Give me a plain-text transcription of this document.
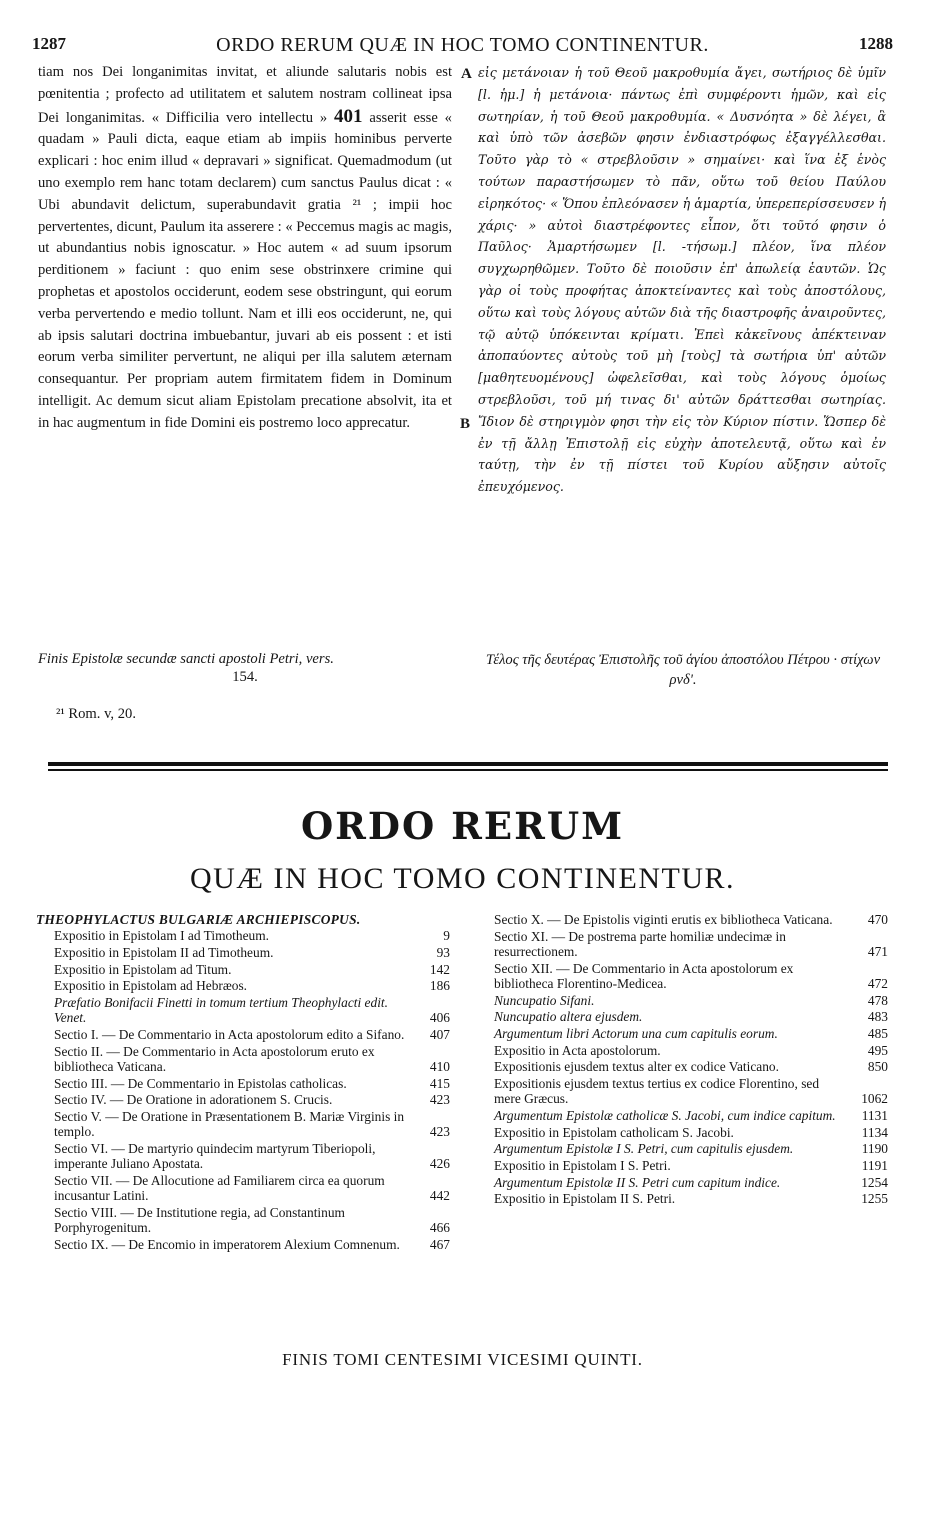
1287	ORDO RERUM QUÆ IN HOC TOMO CONTINENTUR.	1288

tiam nos Dei longanimitas invitat, et aliunde salutaris nobis est pœnitentia ; profecto ad utilitatem et salutem nostram collineat ipsa Dei longanimitas. « Difficilia vero intellectu » 401 asserit esse « quadam » Pauli dicta, eaque etiam ab impiis hominibus perverte explicari : hoc enim illud « depravari » significat. Quemadmodum (ut uno exemplo rem hanc totam declarem) cum sanctus Paulus dicat : « Ubi abundavit delictum, superabundavit gratia ²¹ ; impii hoc pervertentes, dicunt, Paulum ita asserere : « Peccemus magis ac magis, ut abundantius nobis ignoscatur. » Hoc autem « ad suum ipsorum perditionem » faciunt : quo enim sese obstrinxere crimine qui prophetas et apostolos occiderunt, eodem sese obstringunt, qui eorum verba pervertendo e medio tollunt. Nam et illi eos occiderunt, ne, qui ab ipsis salutari doctrina imbuebantur, juvari ab eis possent : et isti eorum verba similiter pervertunt, ne aliqui per illa salutem æternam consequantur. Per propriam autem firmitatem fidem in Dominum intelligit. Ac demum sicut aliam Epistolam precatione absolvit, ita et in hac augmentum in fide Domini eis postremo loco apprecatur.

A
B

εἰς μετάνοιαν ἡ τοῦ Θεοῦ μακροθυμία ἄγει, σωτήριος δὲ ὑμῖν [l. ἡμ.] ἡ μετάνοια· πάντως ἐπὶ συμφέροντι ἡμῶν, καὶ εἰς σωτηρίαν, ἡ τοῦ Θεοῦ μακροθυμία. « Δυσνόητα » δὲ λέγει, ἃ καὶ ὑπὸ τῶν ἀσεβῶν φησιν ἐνδιαστρόφως ἐξαγγέλλεσθαι. Τοῦτο γὰρ τὸ « στρεβλοῦσιν » σημαίνει· καὶ ἵνα ἐξ ἑνὸς τούτων παραστήσωμεν τὸ πᾶν, οὕτω τοῦ θείου Παύλου εἰρηκότος· « Ὅπου ἐπλεόνασεν ἡ ἁμαρτία, ὑπερεπερίσσευσεν ἡ χάρις· » αὐτοὶ διαστρέφοντες εἶπον, ὅτι τοῦτό φησιν ὁ Παῦλος· Ἁμαρτήσωμεν [l. -τήσωμ.] πλέον, ἵνα πλέον συγχωρηθῶμεν. Τοῦτο δὲ ποιοῦσιν ἐπ' ἀπωλείᾳ ἑαυτῶν. Ὡς γὰρ οἱ τοὺς προφήτας ἀποκτείναντες καὶ τοὺς ἀποστόλους, οὕτω καὶ τοὺς λόγους αὐτῶν διὰ τῆς διαστροφῆς ἀναιροῦντες, τῷ αὐτῷ ὑπόκεινται κρίματι. Ἐπεὶ κἀκεῖνους ἀπέκτειναν ἀποπαύοντες αὐτοὺς τοῦ μὴ [τοὺς] τὰ σωτήρια ὑπ' αὐτῶν [μαθητευομένους] ὠφελεῖσθαι, καὶ τοὺς λόγους ὁμοίως στρεβλοῦσι, τοῦ μή τινας δι' αὐτῶν δράττεσθαι σωτηρίας. Ἴδιον δὲ στηριγμὸν φησι τὴν εἰς τὸν Κύριον πίστιν. Ὥσπερ δὲ ἐν τῇ ἄλλῃ Ἐπιστολῇ εἰς εὐχὴν ἀποτελευτᾷ, οὕτω καὶ ἐν ταύτῃ, τὴν ἐν τῇ πίστει τοῦ Κυρίου αὔξησιν αὐτοῖς ἐπευχόμενος.

Finis Epistolæ secundæ sancti apostoli Petri, vers.
154.
Τέλος τῆς δευτέρας Ἐπιστολῆς τοῦ ἁγίου ἀποστόλου Πέτρου · στίχων ρνδ'.
²¹ Rom. v, 20.
ORDO RERUM
QUÆ IN HOC TOMO CONTINENTUR.
THEOPHYLACTUS BULGARIÆ ARCHIEPISCOPUS.
Expositio in Epistolam I ad Timotheum.	9
Expositio in Epistolam II ad Timotheum.	93
Expositio in Epistolam ad Titum.	142
Expositio in Epistolam ad Hebræos.	186
Præfatio Bonifacii Finetti in tomum tertium Theophylacti edit. Venet.	406
Sectio I. — De Commentario in Acta apostolorum edito a Sifano. 407
Sectio II. — De Commentario in Acta apostolorum eruto ex bibliotheca Vaticana.	410
Sectio III. — De Commentario in Epistolas catholicas.	415
Sectio IV. — De Oratione in adorationem S. Crucis.	423
Sectio V. — De Oratione in Præsentationem B. Mariæ Virginis in templo.	423
Sectio VI. — De martyrio quindecim martyrum Tiberiopoli, imperante Juliano Apostata.	426
Sectio VII. — De Allocutione ad Familiarem circa ea quorum incusantur Latini.	442
Sectio VIII. — De Institutione regia, ad Constantinum Porphyrogenitum.	466
Sectio IX. — De Encomio in imperatorem Alexium Comnenum. 467
Sectio X. — De Epistolis viginti erutis ex bibliotheca Vaticana.	470
Sectio XI. — De postrema parte homiliæ undecimæ in resurrectionem.	471
Sectio XII. — De Commentario in Acta apostolorum ex bibliotheca Florentino-Medicea.	472
Nuncupatio Sifani.	478
Nuncupatio altera ejusdem.	483
Argumentum libri Actorum una cum capitulis eorum.	485
Expositio in Acta apostolorum.	495
Expositionis ejusdem textus alter ex codice Vaticano.	850
Expositionis ejusdem textus tertius ex codice Florentino, sed mere Græcus.	1062
Argumentum Epistolæ catholicæ S. Jacobi, cum indice capitum. 1131
Expositio in Epistolam catholicam S. Jacobi.	1134
Argumentum Epistolæ I S. Petri, cum capitulis ejusdem.	1190
Expositio in Epistolam I S. Petri.	1191
Argumentum Epistolæ II S. Petri cum capitum indice.	1254
Expositio in Epistolam II S. Petri.	1255
FINIS TOMI CENTESIMI VICESIMI QUINTI.
